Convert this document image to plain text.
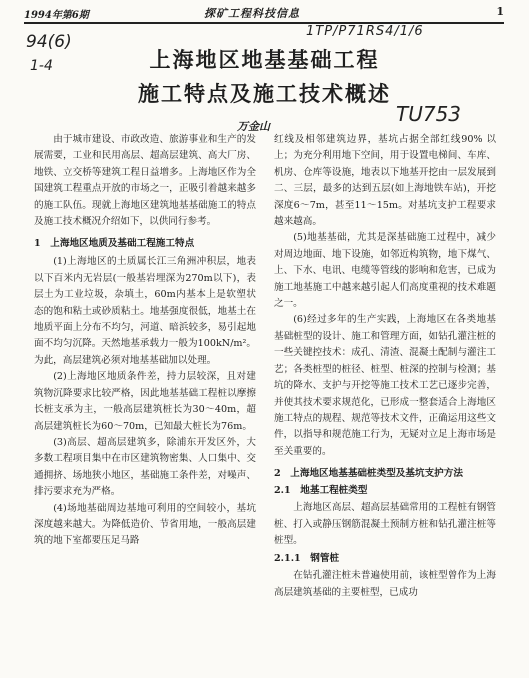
1994年第6期	探矿工程科技信息	1
94(6)
1-4
1TP/P71RS4/1/6
TU753
上海地区地基基础工程
施工特点及施工技术概述
万金山

由于城市建设、市政改造、旅游事业和生产的发展需要，工业和民用高层、超高层建筑、高大厂房、地铁、立交桥等建筑工程日益增多。上海地区作为全国建筑工程重点开放的市场之一，正吸引着越来越多的施工队伍。现就上海地区建筑地基基础施工的特点及施工技术概况介绍如下，以供同行参考。

1　上海地区地质及基础工程施工特点

(1)上海地区的土质属长江三角洲冲积层，地表以下百米内无岩层(一般基岩埋深为270m以下)，表层土为工业垃圾，杂填土，60m内基本上是软塑状态的饱和粘土或砂质粘土。地基强度很低，地基土在地质平面上分布不均匀，河道、暗浜较多，易引起地面不均匀沉降。天然地基承载力一般为100kN/m²。为此，高层建筑必须对地基基础加以处理。

(2)上海地区地质条件差，持力层较深，且对建筑物沉降要求比较严格，因此地基基础工程桩以摩擦长桩支承为主，一般高层建筑桩长为30～40m，超高层建筑桩长为60～70m，已知最大桩长为76m。

(3)高层、超高层建筑多，除浦东开发区外，大多数工程项目集中在市区建筑物密集、人口集中、交通拥挤、场地狭小地区，基础施工条件差，对噪声、排污要求充为严格。

(4)场地基础周边基地可利用的空间较小，基坑深度越来越大。为降低造价、节省用地，一般高层建筑的地下室都要压足马路

红线及相邻建筑边界，基坑占据全部红线90% 以上；为充分利用地下空间，用于设置电梯间、车库、机房、仓库等设施，地表以下地基开挖由一层发展到二、三层，最多的达到五层(如上海地铁车站)，开挖深度6～7m，甚至11～15m。对基坑支护工程要求越来越高。

(5)地基基础，尤其是深基础施工过程中，减少对周边地面、地下设施，如邻近构筑物，地下煤气、上、下水、电讯、电缆等管线的影响和危害，已成为施工地基施工中越来越引起人们高度重视的技术难题之一。

(6)经过多年的生产实践，上海地区在各类地基基础桩型的设计、施工和管理方面，如钻孔灌注桩的一些关键控技术：成孔、清渣、混凝土配制与灌注工艺；各类桩型的桩径、桩型、桩深的控制与检测；基坑的降水、支护与开挖等施工技术工艺已逐步完善，并使其技术要求规范化，已形成一整套适合上海地区施工特点的规程、规范等技术文件，正确运用这些文件，以指导和规范施工行为，无疑对立足上海市场是至关重要的。

2　上海地区地基基础桩类型及基坑支护方法
2.1　地基工程桩类型

上海地区高层、超高层基础常用的工程桩有钢管桩、打入或静压钢筋混凝土预制方桩和钻孔灌注桩等桩型。

2.1.1　钢管桩

在钻孔灌注桩未普遍使用前，该桩型曾作为上海高层建筑基础的主要桩型，已成功
